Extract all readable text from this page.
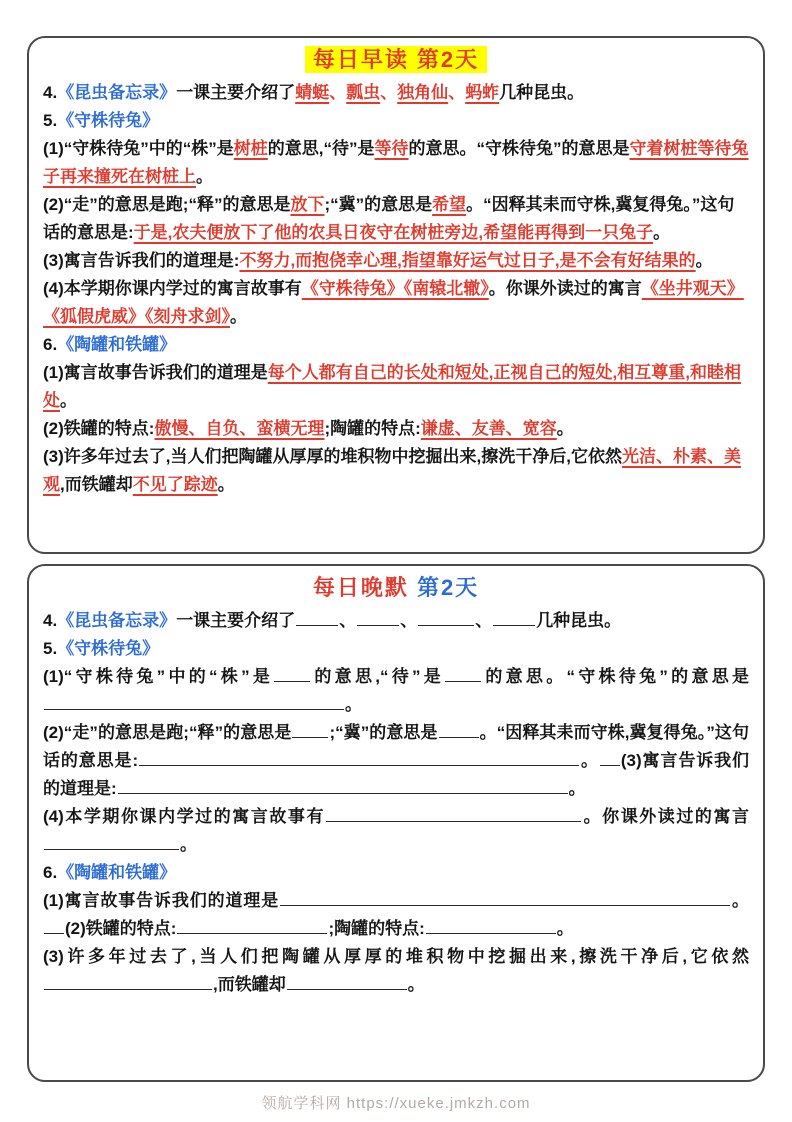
每日早读 第2天

4.《昆虫备忘录》一课主要介绍了蜻蜓、瓢虫、独角仙、蚂蚱几种昆虫。

5.《守株待兔》

(1)“守株待兔”中的“株”是树桩的意思,“待”是等待的意思。“守株待兔”的意思是守着树桩等待兔子再来撞死在树桩上。

(2)“走”的意思是跑;“释”的意思是放下;“冀”的意思是希望。“因释其耒而守株,冀复得兔。”这句话的意思是:于是,农夫便放下了他的农具日夜守在树桩旁边,希望能再得到一只兔子。

(3)寓言告诉我们的道理是:不努力,而抱侥幸心理,指望靠好运气过日子,是不会有好结果的。

(4)本学期你课内学过的寓言故事有《守株待兔》《南辕北辙》。你课外读过的寓言《坐井观天》《狐假虎威》《刻舟求剑》。

6.《陶罐和铁罐》

(1)寓言故事告诉我们的道理是每个人都有自己的长处和短处,正视自己的短处,相互尊重,和睦相处。

(2)铁罐的特点:傲慢、自负、蛮横无理;陶罐的特点:谦虚、友善、宽容。

(3)许多年过去了,当人们把陶罐从厚厚的堆积物中挖掘出来,擦洗干净后,它依然光洁、朴素、美观,而铁罐却不见了踪迹。

每日晚默 第2天

4.《昆虫备忘录》一课主要介绍了	、	、	、	几种昆虫。

5.《守株待兔》

(1)“守株待兔”中的“株”是 的意思,“待”是 的意思。“守株待兔”的意思是。

(2)“走”的意思是跑;“释”的意思是 ;“冀”的意思是 。“因释其耒而守株,冀复得兔。”这句话的意思是:	。 (3)寓言告诉我们的道理是:	。

(4)本学期你课内学过的寓言故事有	。你课外读过的寓言。

6.《陶罐和铁罐》

(1)寓言故事告诉我们的道理是	。(2)铁罐的特点:	;陶罐的特点:	。

(3)许多年过去了,当人们把陶罐从厚厚的堆积物中挖掘出来,擦洗干净后,它依然,而铁罐却	。

领航学科网 https://xueke.jmkzh.com
